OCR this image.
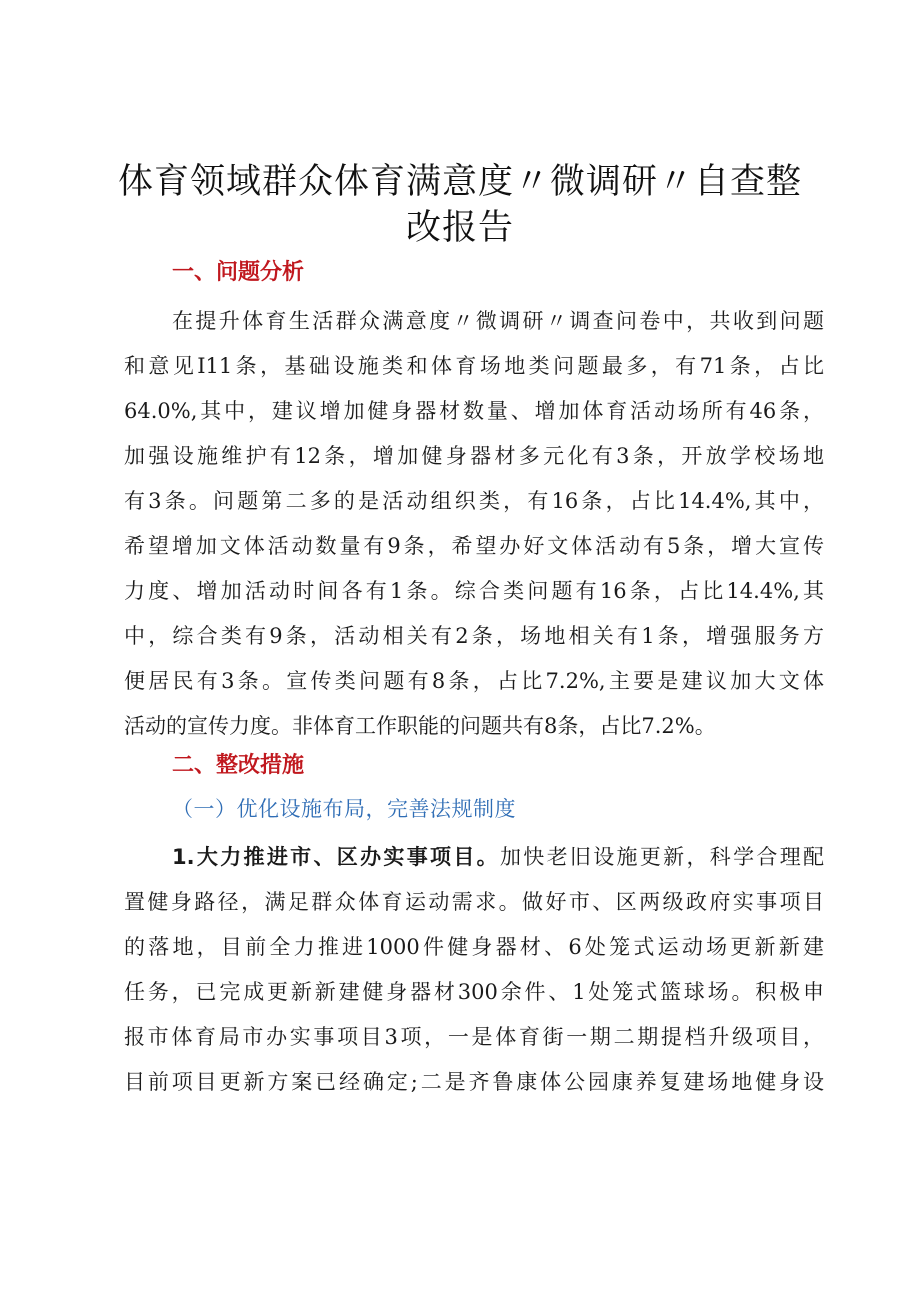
体育领域群众体育满意度〃微调研〃自查整
改报告
一、问题分析
在提升体育生活群众满意度〃微调研〃调查问卷中，共收到问题
和意见I11条，基础设施类和体育场地类问题最多，有71条，占比
64.0%,其中，建议增加健身器材数量、增加体育活动场所有46条，
加强设施维护有12条，增加健身器材多元化有3条，开放学校场地
有3条。问题第二多的是活动组织类，有16条，占比14.4%,其中，
希望增加文体活动数量有9条，希望办好文体活动有5条，增大宣传
力度、增加活动时间各有1条。综合类问题有16条，占比14.4%,其
中，综合类有9条，活动相关有2条，场地相关有1条，增强服务方
便居民有3条。宣传类问题有8条，占比7.2%,主要是建议加大文体
活动的宣传力度。非体育工作职能的问题共有8条，占比7.2%。
二、整改措施
（一）优化设施布局，完善法规制度
1.大力推进市、区办实事项目。加快老旧设施更新，科学合理配
置健身路径，满足群众体育运动需求。做好市、区两级政府实事项目
的落地，目前全力推进1000件健身器材、6处笼式运动场更新新建
任务，已完成更新新建健身器材300余件、1处笼式篮球场。积极申
报市体育局市办实事项目3项，一是体育街一期二期提档升级项目，
目前项目更新方案已经确定;二是齐鲁康体公园康养复建场地健身设
